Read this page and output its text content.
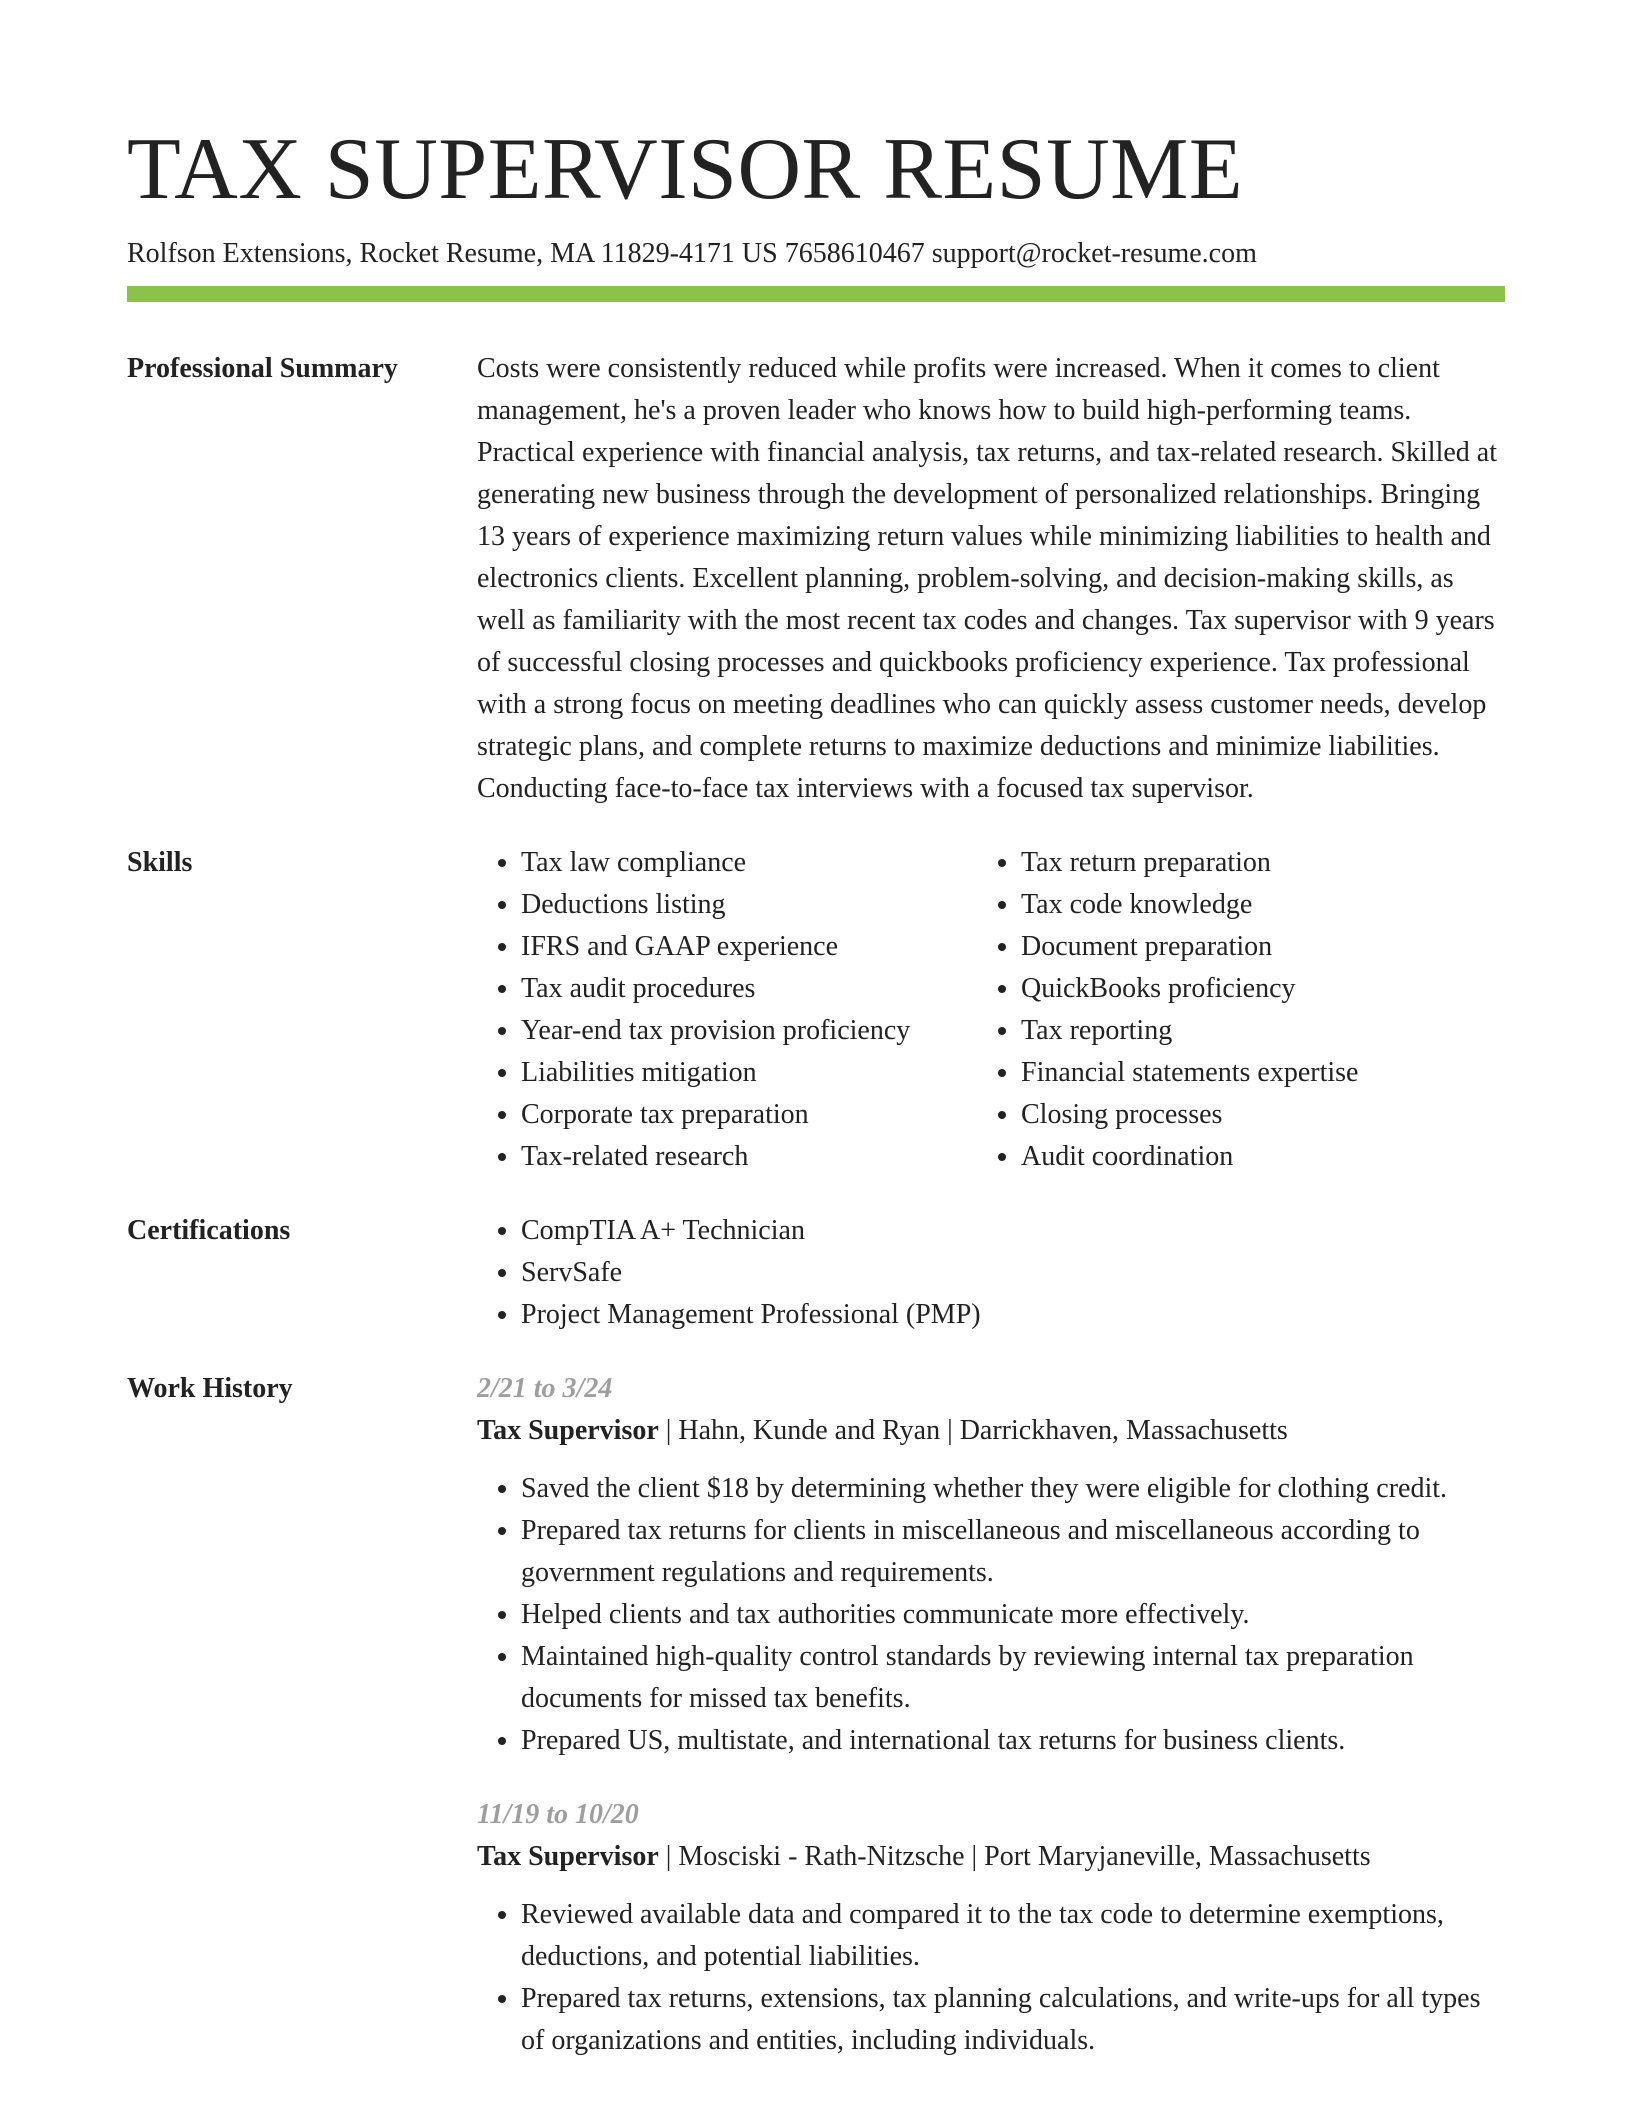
TAX SUPERVISOR RESUME
Rolfson Extensions, Rocket Resume, MA 11829-4171 US 7658610467 support@rocket-resume.com
Professional Summary	Costs were consistently reduced while profits were increased. When it comes to client management, he's a proven leader who knows how to build high-performing teams. Practical experience with financial analysis, tax returns, and tax-related research. Skilled at generating new business through the development of personalized relationships. Bringing 13 years of experience maximizing return values while minimizing liabilities to health and electronics clients. Excellent planning, problem-solving, and decision-making skills, as well as familiarity with the most recent tax codes and changes. Tax supervisor with 9 years of successful closing processes and quickbooks proficiency experience. Tax professional with a strong focus on meeting deadlines who can quickly assess customer needs, develop strategic plans, and complete returns to maximize deductions and minimize liabilities. Conducting face-to-face tax interviews with a focused tax supervisor.

Skills	• Tax law compliance
• Deductions listing
• IFRS and GAAP experience
• Tax audit procedures
• Year-end tax provision proficiency
• Liabilities mitigation
• Corporate tax preparation
• Tax-related research
• Tax return preparation
• Tax code knowledge
• Document preparation
• QuickBooks proficiency
• Tax reporting
• Financial statements expertise
• Closing processes
• Audit coordination
Certifications	• CompTIA A+ Technician
• ServSafe
• Project Management Professional (PMP)
Work History	2/21 to 3/24
Tax Supervisor | Hahn, Kunde and Ryan | Darrickhaven, Massachusetts
• Saved the client $18 by determining whether they were eligible for clothing credit.
• Prepared tax returns for clients in miscellaneous and miscellaneous according to government regulations and requirements.
• Helped clients and tax authorities communicate more effectively.
• Maintained high-quality control standards by reviewing internal tax preparation documents for missed tax benefits.
• Prepared US, multistate, and international tax returns for business clients.
11/19 to 10/20
Tax Supervisor | Mosciski - Rath-Nitzsche | Port Maryjaneville, Massachusetts
• Reviewed available data and compared it to the tax code to determine exemptions, deductions, and potential liabilities.
• Prepared tax returns, extensions, tax planning calculations, and write-ups for all types of organizations and entities, including individuals.
